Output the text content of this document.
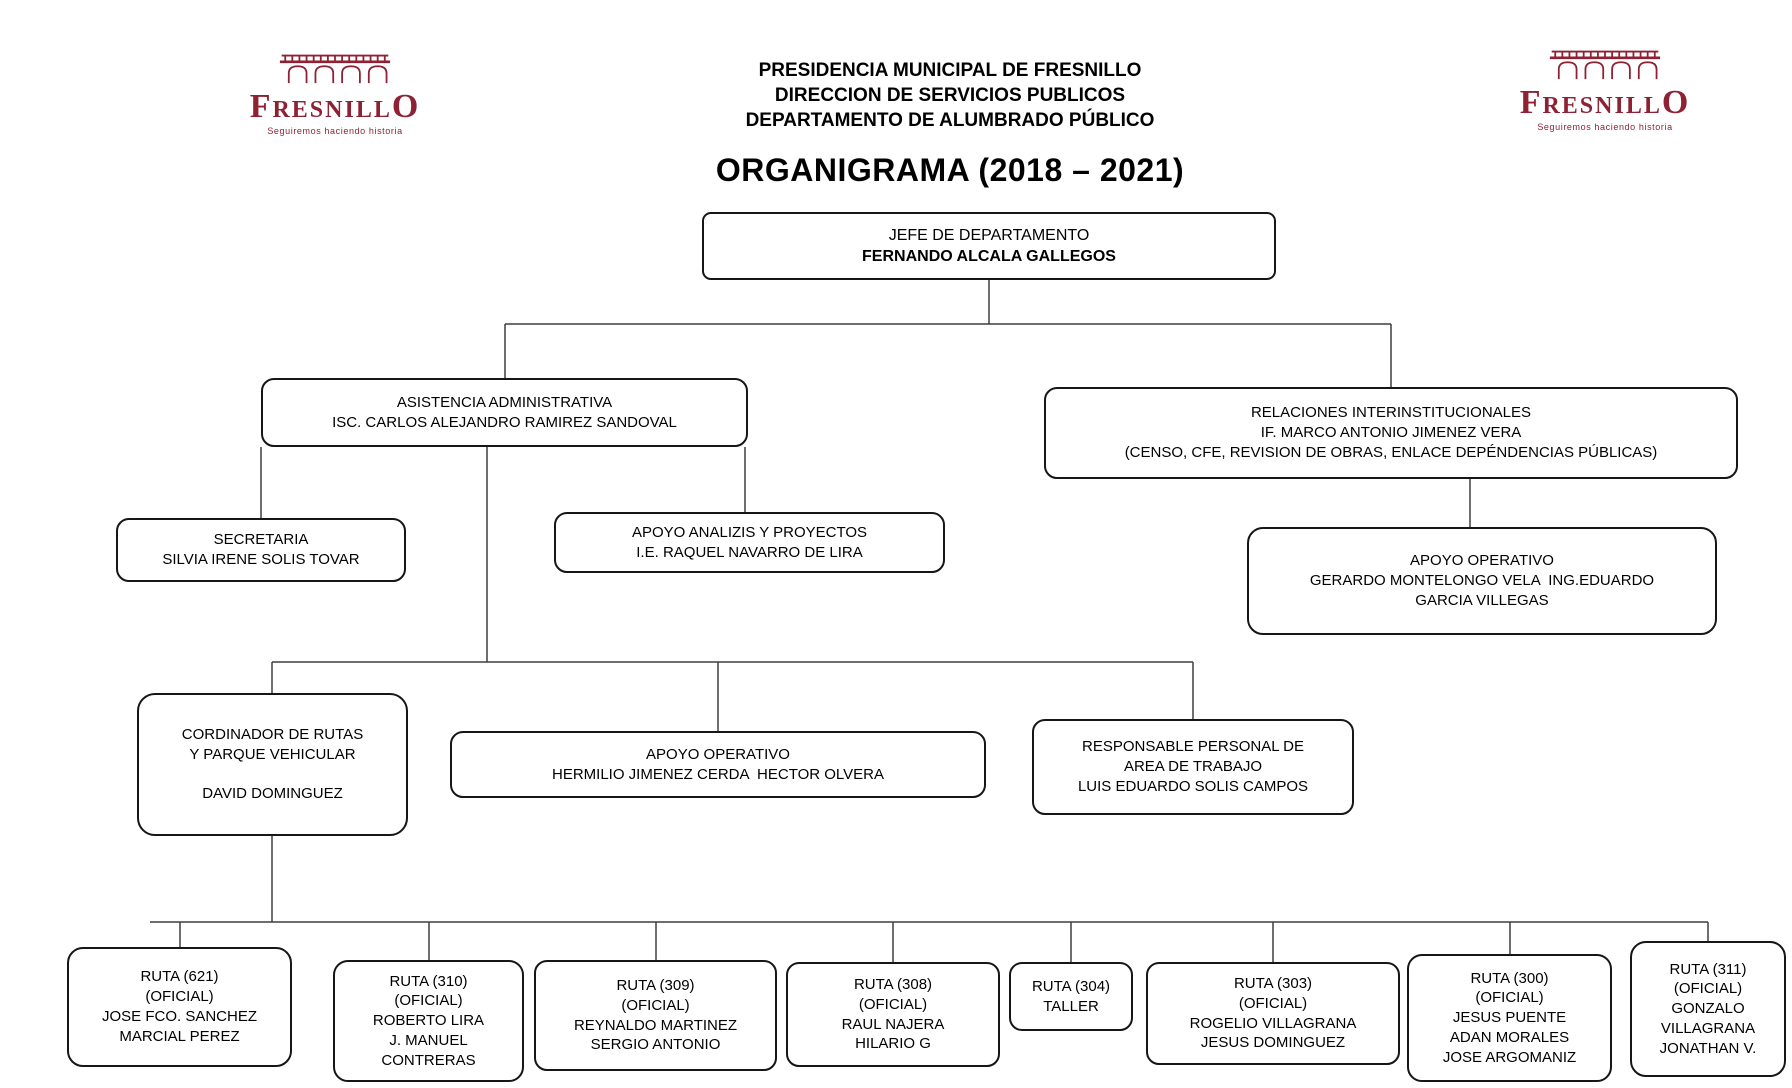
FresnillO
Seguiremos haciendo historia
FresnillO
Seguiremos haciendo historia
PRESIDENCIA MUNICIPAL DE FRESNILLO
DIRECCION DE SERVICIOS PUBLICOS
DEPARTAMENTO DE ALUMBRADO PÚBLICO
ORGANIGRAMA (2018 – 2021)
JEFE DE DEPARTAMENTO
FERNANDO ALCALA GALLEGOS
ASISTENCIA ADMINISTRATIVA
ISC. CARLOS ALEJANDRO RAMIREZ SANDOVAL
RELACIONES INTERINSTITUCIONALES
IF. MARCO ANTONIO JIMENEZ VERA
(CENSO, CFE, REVISION DE OBRAS, ENLACE DEPÉNDENCIAS PÚBLICAS)
SECRETARIA
SILVIA IRENE SOLIS TOVAR
APOYO ANALIZIS Y PROYECTOS
I.E. RAQUEL NAVARRO DE LIRA
APOYO OPERATIVO
GERARDO MONTELONGO VELA  ING.EDUARDO
GARCIA VILLEGAS
CORDINADOR DE RUTAS
Y PARQUE VEHICULAR
DAVID DOMINGUEZ
APOYO OPERATIVO
HERMILIO JIMENEZ CERDA  HECTOR OLVERA
RESPONSABLE PERSONAL DE
AREA DE TRABAJO
LUIS EDUARDO SOLIS CAMPOS
RUTA (621)
(OFICIAL)
JOSE FCO. SANCHEZ
MARCIAL PEREZ
RUTA (310)
(OFICIAL)
ROBERTO LIRA
J. MANUEL
CONTRERAS
RUTA (309)
(OFICIAL)
REYNALDO MARTINEZ
SERGIO ANTONIO
RUTA (308)
(OFICIAL)
RAUL NAJERA
HILARIO G
RUTA (304)
TALLER
RUTA (303)
(OFICIAL)
ROGELIO VILLAGRANA
JESUS DOMINGUEZ
RUTA (300)
(OFICIAL)
JESUS PUENTE
ADAN MORALES
JOSE ARGOMANIZ
RUTA (311)
(OFICIAL)
GONZALO
VILLAGRANA
JONATHAN V.
